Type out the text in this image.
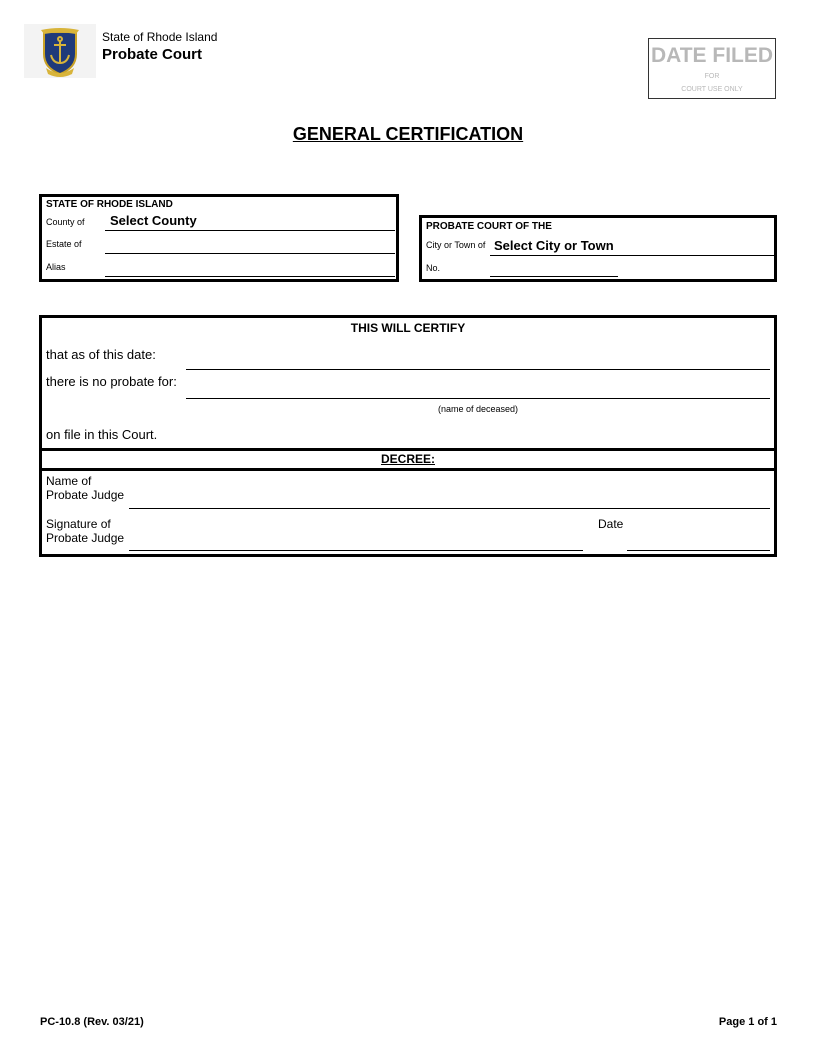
State of Rhode Island
Probate Court	DATE FILED
FOR
COURT USE ONLY
GENERAL CERTIFICATION
STATE OF RHODE ISLAND
County of Select County
Estate of
Alias
PROBATE COURT OF THE
City or Town of Select City or Town
No.
THIS WILL CERTIFY
that as of this date:
there is no probate for:
(name of deceased)
on file in this Court.
DECREE:
Name of
Probate Judge
Signature of
Probate Judge
Date
PC-10.8 (Rev. 03/21)	Page 1 of 1
